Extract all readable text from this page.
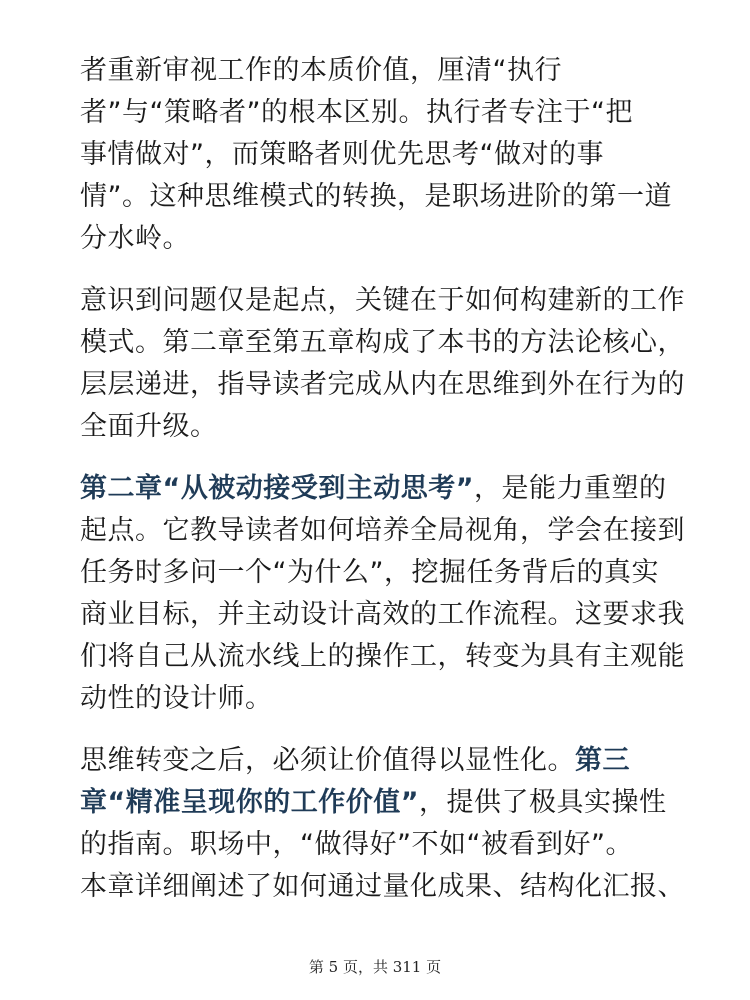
者重新审视工作的本质价值，厘清“执行
者”与“策略者”的根本区别。执行者专注于“把
事情做对”，而策略者则优先思考“做对的事
情”。这种思维模式的转换，是职场进阶的第一道
分水岭。

意识到问题仅是起点，关键在于如何构建新的工作
模式。第二章至第五章构成了本书的方法论核心，
层层递进，指导读者完成从内在思维到外在行为的
全面升级。

第二章“从被动接受到主动思考”，是能力重塑的
起点。它教导读者如何培养全局视角，学会在接到
任务时多问一个“为什么”，挖掘任务背后的真实
商业目标，并主动设计高效的工作流程。这要求我
们将自己从流水线上的操作工，转变为具有主观能
动性的设计师。

思维转变之后，必须让价值得以显性化。第三
章“精准呈现你的工作价值”，提供了极具实操性
的指南。职场中，“做得好”不如“被看到好”。
本章详细阐述了如何通过量化成果、结构化汇报、

第 5 页，共 311 页
